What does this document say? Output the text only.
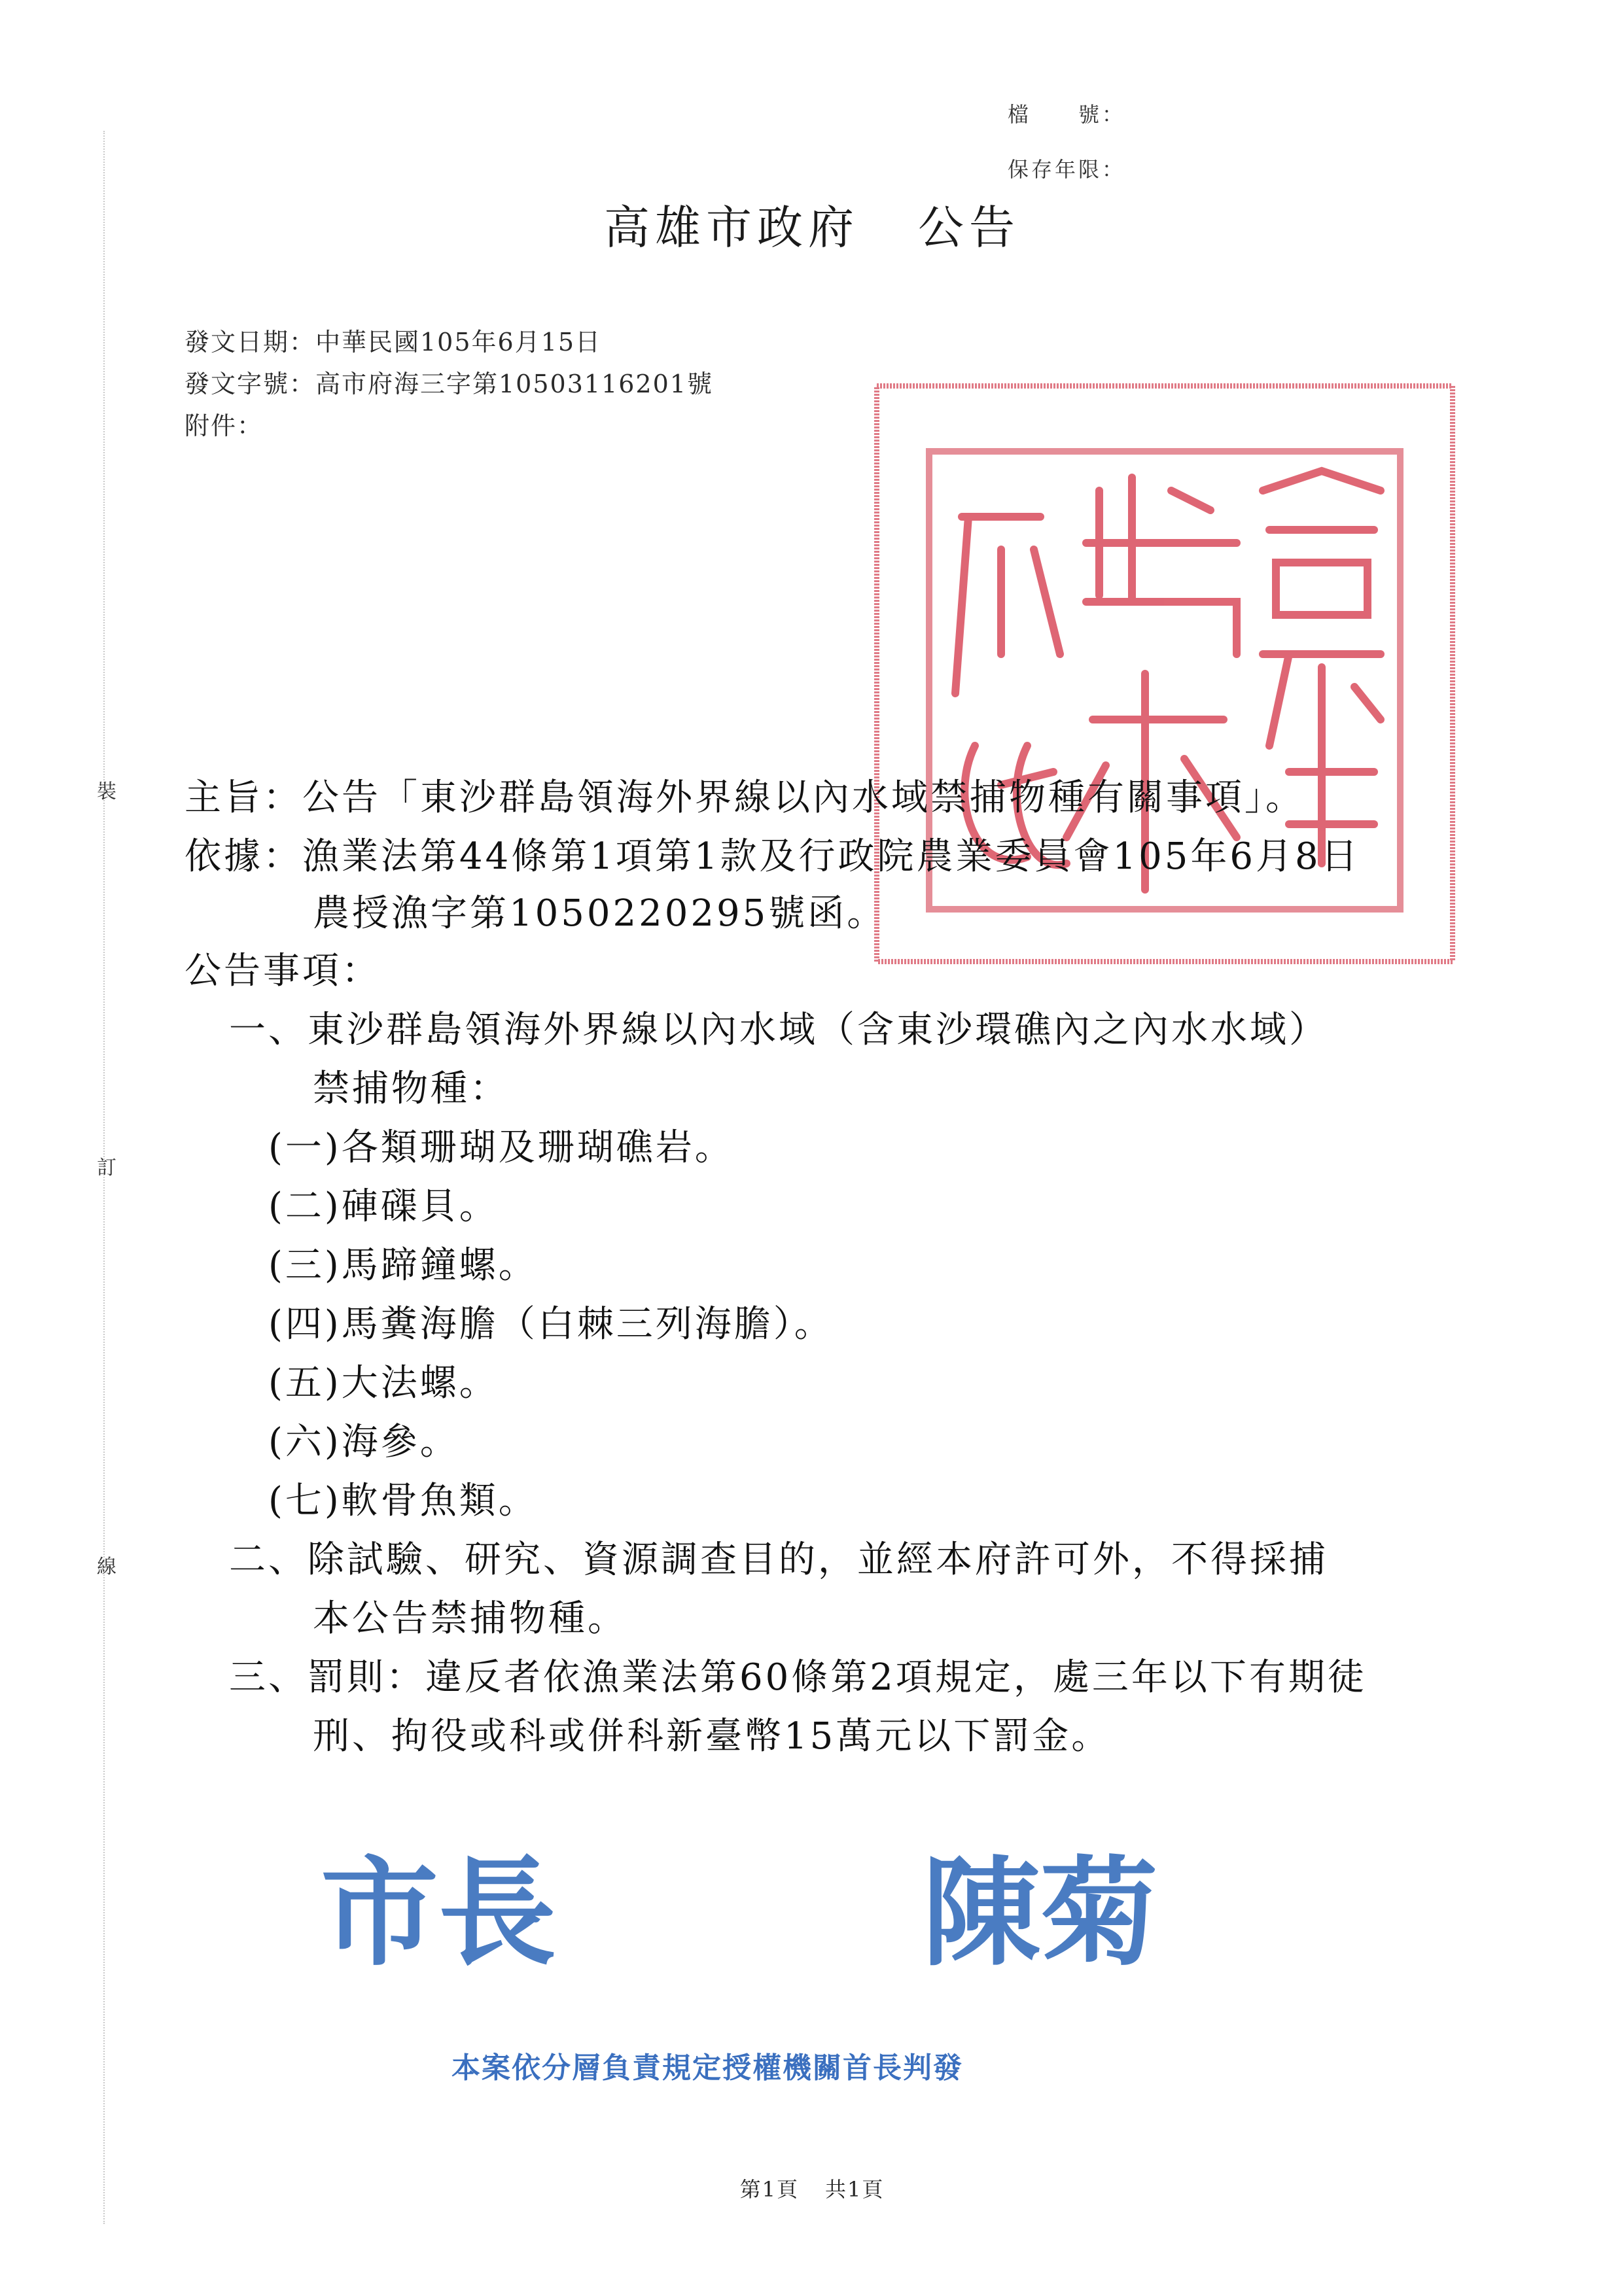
裝
訂
線
檔　　號：
保存年限：
高雄市政府 公告
發文日期：中華民國105年6月15日
發文字號：高市府海三字第10503116201號
附件：
主旨：公告「東沙群島領海外界線以內水域禁捕物種有關事項」。
依據：漁業法第44條第1項第1款及行政院農業委員會105年6月8日
農授漁字第1050220295號函。
公告事項：
一、東沙群島領海外界線以內水域（含東沙環礁內之內水水域）
禁捕物種：
(一)各類珊瑚及珊瑚礁岩。
(二)硨磲貝。
(三)馬蹄鐘螺。
(四)馬糞海膽（白棘三列海膽）。
(五)大法螺。
(六)海參。
(七)軟骨魚類。
二、除試驗、研究、資源調查目的，並經本府許可外，不得採捕
本公告禁捕物種。
三、罰則：違反者依漁業法第60條第2項規定，處三年以下有期徒
刑、拘役或科或併科新臺幣15萬元以下罰金。
市長	陳菊
本案依分層負責規定授權機關首長判發
第1頁 共1頁
